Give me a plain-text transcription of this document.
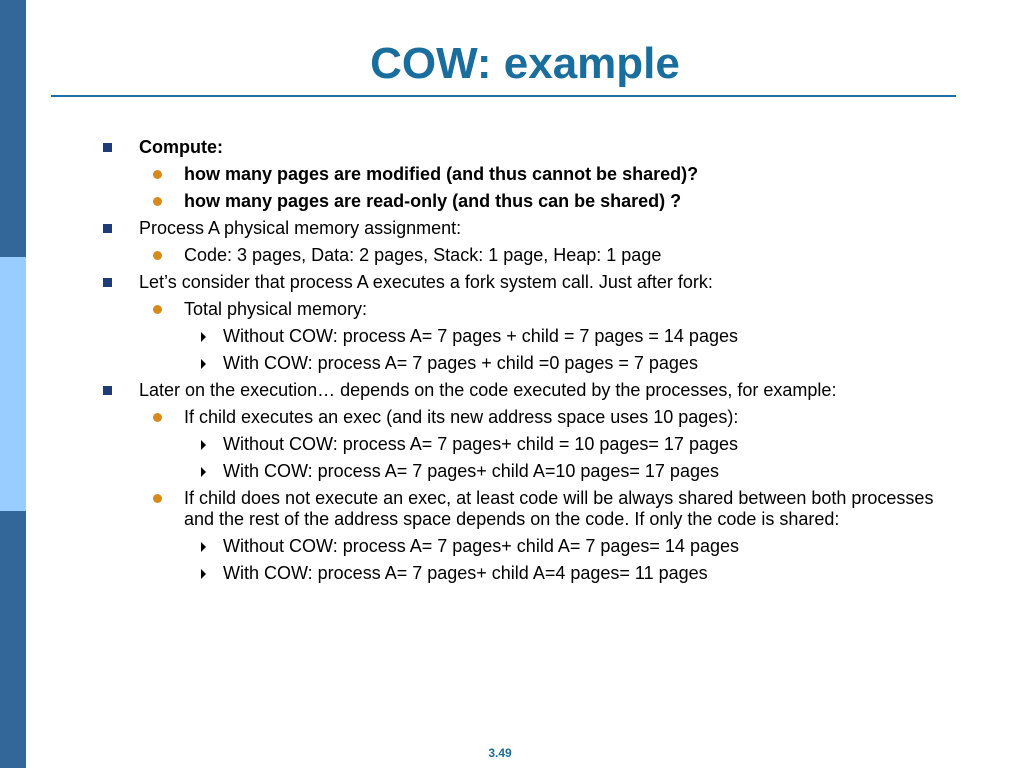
COW: example
Compute:
how many pages are modified (and thus cannot be shared)?
how many pages are read-only (and thus can be shared) ?
Process A physical memory assignment:
Code: 3 pages, Data: 2 pages, Stack: 1 page, Heap: 1 page
Let’s consider that process A executes a fork system call. Just after fork:
Total physical memory:
Without COW: process A= 7 pages + child = 7 pages = 14 pages
With COW: process A= 7 pages + child =0 pages = 7 pages
Later on the execution… depends on the code executed by the processes, for example:
If child executes an exec (and its new address space uses 10 pages):
Without COW: process A= 7 pages+ child = 10 pages= 17 pages
With COW: process A= 7 pages+ child A=10 pages= 17 pages
If child does not execute an exec, at least code will be always shared between both processes and the rest of the address space depends on the code. If only the code is shared:
Without COW: process A= 7 pages+ child A= 7 pages= 14 pages
With COW: process A= 7 pages+ child A=4 pages= 11 pages
3.49
